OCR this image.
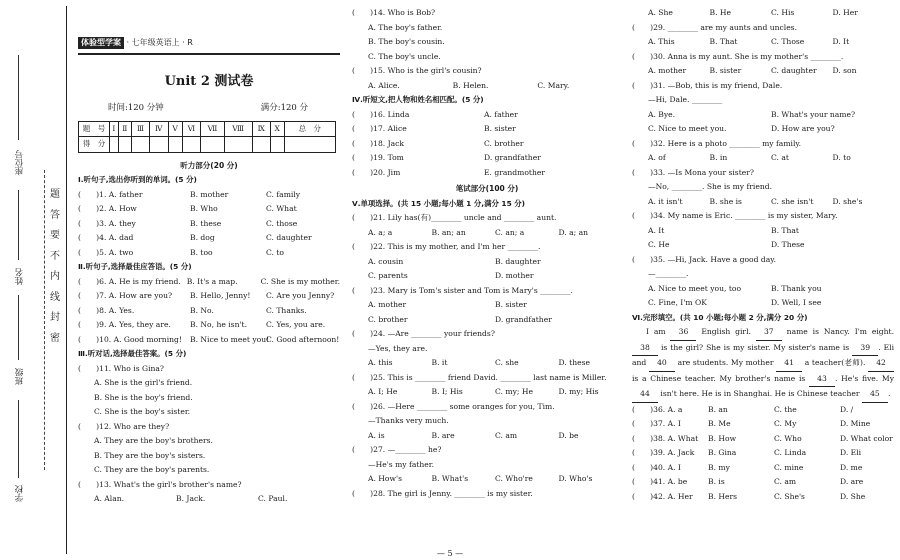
座位号
姓名
班级
学校
题
答
要
不
内
线
封
密
体验型学案 · 七年级英语上 · R
Unit 2 测试卷
时间:120 分钟	满分:120 分
题　号	Ⅰ	Ⅱ	Ⅲ	Ⅳ	Ⅴ	Ⅵ	Ⅶ	Ⅷ	Ⅸ	Ⅹ	总　分
得　分											
听力部分(20 分)
Ⅰ.听句子,选出你听到的单词。(5 分)
(　　)1. A. father	B. mother	C. family
(　　)2. A. How	B. Who	C. What
(　　)3. A. they	B. these	C. those
(　　)4. A. dad	B. dog	C. daughter
(　　)5. A. two	B. too	C. to
Ⅱ.听句子,选择最佳应答语。(5 分)
(　　)6. A. He is my friend. B. It's a map.	C. She is my mother.
(　　)7. A. How are you?	B. Hello, Jenny!	C. Are you Jenny?
(　　)8. A. Yes.	B. No.	C. Thanks.
(　　)9. A. Yes, they are.	B. No, he isn't.	C. Yes, you are.
(　　)10. A. Good morning!	B. Nice to meet you!
C. Good afternoon!
Ⅲ.听对话,选择最佳答案。(5 分)
(　　)11. Who is Gina?
A. She is the girl's friend.
B. She is the boy's friend.
C. She is the boy's sister.
(　　)12. Who are they?
A. They are the boy's brothers.
B. They are the boy's sisters.
C. They are the boy's parents.
(　　)13. What's the girl's brother's name?
A. Alan.	B. Jack.	C. Paul.
(　　)14. Who is Bob?
A. The boy's father.
B. The boy's cousin.
C. The boy's uncle.
(　　)15. Who is the girl's cousin?
A. Alice.	B. Helen.	C. Mary.
Ⅳ.听短文,把人物和姓名相匹配。(5 分)
(　　)16. Linda	A. father
(　　)17. Alice	B. sister
(　　)18. Jack	C. brother
(　　)19. Tom	D. grandfather
(　　)20. Jim	E. grandmother
笔试部分(100 分)
Ⅴ.单项选择。(共 15 小题;每小题 1 分,满分 15 分)
(　　)21. Lily has(有)________ uncle and ________ aunt.
A. a; a	B. an; an	C. an; a	D. a; an
(　　)22. This is my mother, and I'm her ________.
A. cousin	B. daughter
C. parents	D. mother
(　　)23. Mary is Tom's sister and Tom is Mary's ________.
A. mother	B. sister
C. brother	D. grandfather
(　　)24. —Are ________ your friends?
—Yes, they are.
A. this	B. it	C. she	D. these
(　　)25. This is ________ friend David. ________ last name is Miller.
A. I; He	B. I; His	C. my; He	D. my; His
(　　)26. —Here ________ some oranges for you, Tim.
—Thanks very much.
A. is	B. are	C. am	D. be
(　　)27. —________ he?
—He's my father.
A. How's	B. What's	C. Who're	D. Who's
(　　)28. The girl is Jenny. ________ is my sister.
A. She	B. He	C. His	D. Her
(　　)29. ________ are my aunts and uncles.
A. This	B. That	C. Those	D. It
(　　)30. Anna is my aunt. She is my mother's ________.
A. mother	B. sister	C. daughter	D. son
(　　)31. —Bob, this is my friend, Dale.
—Hi, Dale. ________
A. Bye.	B. What's your name?
C. Nice to meet you.	D. How are you?
(　　)32. Here is a photo ________ my family.
A. of	B. in	C. at	D. to
(　　)33. —Is Mona your sister?
—No, ________. She is my friend.
A. it isn't	B. she is	C. she isn't	D. she's
(　　)34. My name is Eric. ________ is my sister, Mary.
A. It	B. That
C. He	D. These
(　　)35. —Hi, Jack. Have a good day.
—________.
A. Nice to meet you, too	B. Thank you
C. Fine, I'm OK	D. Well, I see
Ⅵ.完形填空。(共 10 小题;每小题 2 分,满分 20 分)
I am 36 English girl. 37 name is Nancy. I'm eight. 38 is the girl? She is my sister. My sister's name is 39 . Eli and 40 are students. My mother 41 a teacher(老师). 42 is a Chinese teacher. My brother's name is 43 . He's five. My 44 isn't here. He is in Shanghai. He is Chinese teacher 45 .
(　　)36. A. a	B. an	C. the	D. /
(　　)37. A. I	B. Me	C. My	D. Mine
(　　)38. A. What	B. How	C. Who	D. What color
(　　)39. A. Jack	B. Gina	C. Linda	D. Eli
(　　)40. A. I	B. my	C. mine	D. me
(　　)41. A. be	B. is	C. am	D. are
(　　)42. A. Her	B. Hers	C. She's	D. She
— 5 —
